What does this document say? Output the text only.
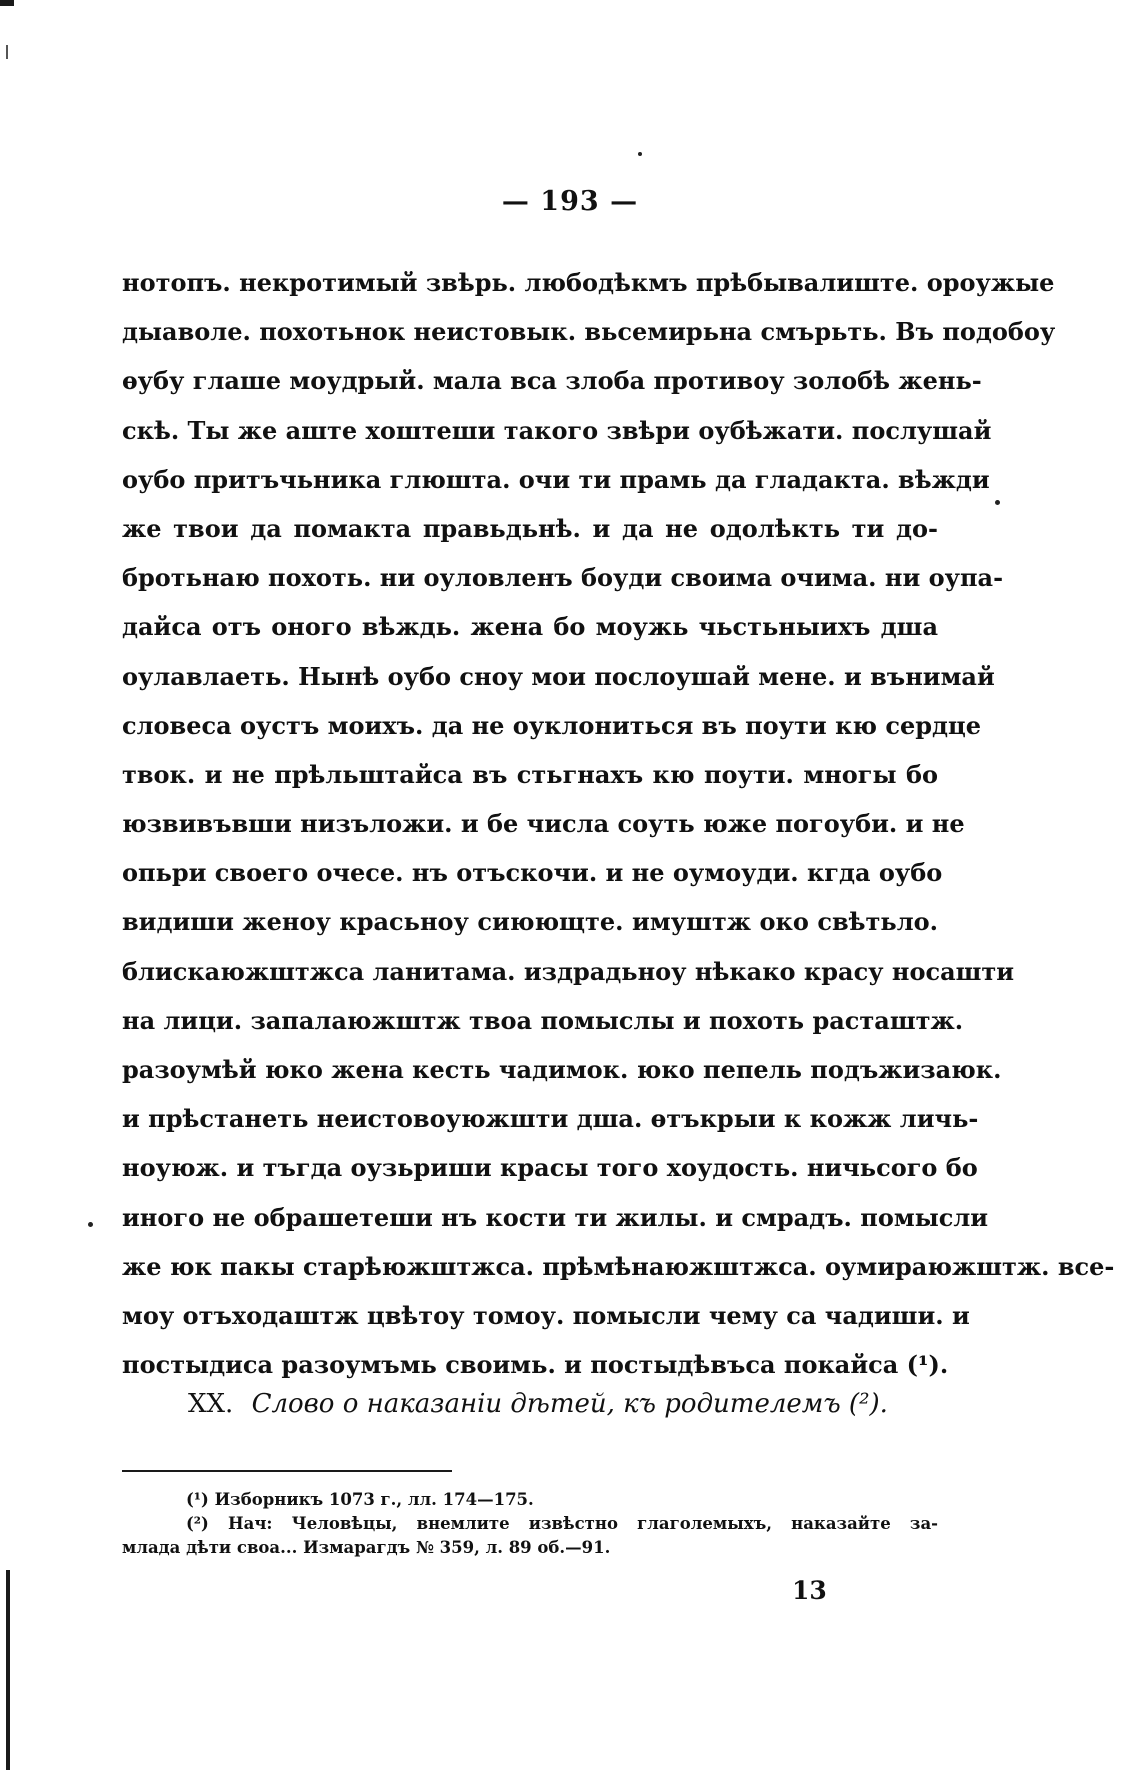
— 193 —
нотопъ. некротимый звѣрь. любодѣкмъ прѣбывалиште. ороужые
дыаволе. похотьнок неистовык. вьсемирьна смърьть. Въ подобоу
ѳубу глаше моудрый. мала вса злоба противоу золобѣ жень-
скѣ. Ты же аште хоштеши такого звѣри оубѣжати. послушай
оубо притъчьника глюшта. очи ти прамь да гладакта. вѣжди
же твои да помакта правьдьнѣ. и да не одолѣкть ти до-
бротьнаю похоть. ни оуловленъ боуди своима очима. ни оупа-
дайса отъ оного вѣждь. жена бо моужь чьстьныихъ дша
оулавлаеть. Нынѣ оубо сноу мои послоушай мене. и вънимай
словеса оустъ моихъ. да не оуклониться въ поути кю сердце
твок. и не прѣльштайса въ стьгнахъ кю поути. многы бо
юзвивъвши низъложи. и бе числа соуть юже погоуби. и не
опьри своего очесе. нъ отъскочи. и не оумоуди. кгда оубо
видиши женоу красьноу сиюющте. имуштж око свѣтьло.
блискаюжштжса ланитама. издрадьноу нѣкако красу носашти
на лици. запалаюжштж твоа помыслы и похоть расташтж.
разоумѣй юко жена кесть чадимок. юко пепель подъжизаюк.
и прѣстанеть неистовоуюжшти дша. ѳтъкрыи к кожж личь-
ноуюж. и тъгда оузьриши красы того хоудость. ничьсого бо
иного не обрашетеши нъ кости ти жилы. и смрадъ. помысли
же юк пакы старѣюжштжса. прѣмѣнаюжштжса. оумираюжштж. все-
моу отъходаштж цвѣтоу томоу. помысли чему са чадиши. и
постыдиса разоумъмь своимь. и постыдѣвъса покайса (¹).
XX. Слово о наказаніи дѣтей, къ родителемъ (²).
(¹) Изборникъ 1073 г., лл. 174—175.
(²) Нач: Человѣцы, внемлите извѣстно глаголемыхъ, наказайте за-
млада дѣти своа... Измарагдъ № 359, л. 89 об.—91.
13
